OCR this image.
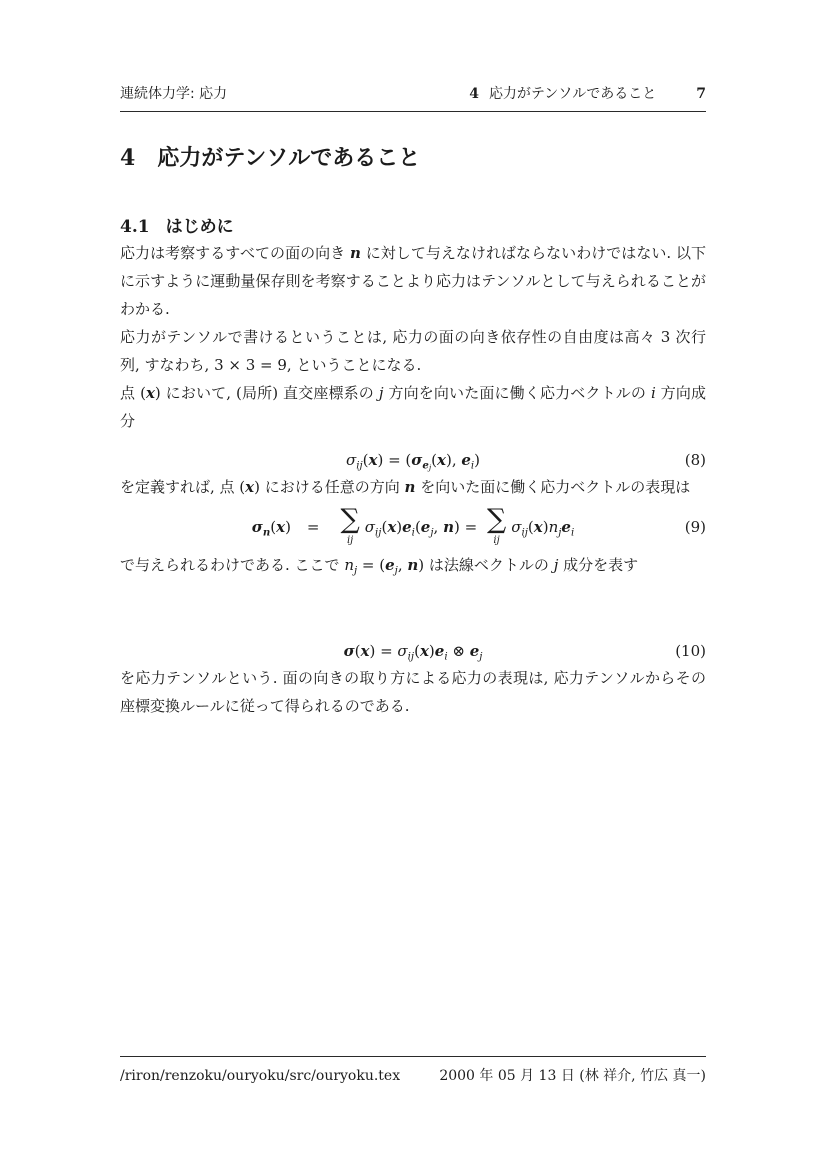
連続体力学: 応力	4 応力がテンソルであること	7
4 応力がテンソルであること
4.1 はじめに

応力は考察するすべての面の向き n に対して与えなければならないわけではない. 以下に示すように運動量保存則を考察することより応力はテンソルとして与えられることがわかる.

応力がテンソルで書けるということは, 応力の面の向き依存性の自由度は高々 3 次行列, すなわち, 3 × 3 = 9, ということになる.

点 (x) において, (局所) 直交座標系の j 方向を向いた面に働く応力ベクトルの i 方向成分

$\sigma_{ij}(x) = (\sigma_{ej}(x)$, $e_i$)	(8)

を定義すれば, 点 (x) における任意の方向 n を向いた面に働く応力ベクトルの表現は

$\sigma_n(x)$ = ∑
ij
$\sigma_{ij}(x)e_i(e_j$, n) = ∑
ij
$\sigma_{ij}(x)n_je_i$	(9)

で与えられるわけである. ここで $n_j = (e_j$, n) は法線ベクトルの j 成分を表す

$\sigma(x) = \sigma_{ij}(x)e_i$ ⊗ $e_j$	(10)

を応力テンソルという. 面の向きの取り方による応力の表現は, 応力テンソルからその座標変換ルールに従って得られるのである.

/riron/renzoku/ouryoku/src/ouryoku.tex	2000 年 05 月 13 日 (林 祥介, 竹広 真一)
